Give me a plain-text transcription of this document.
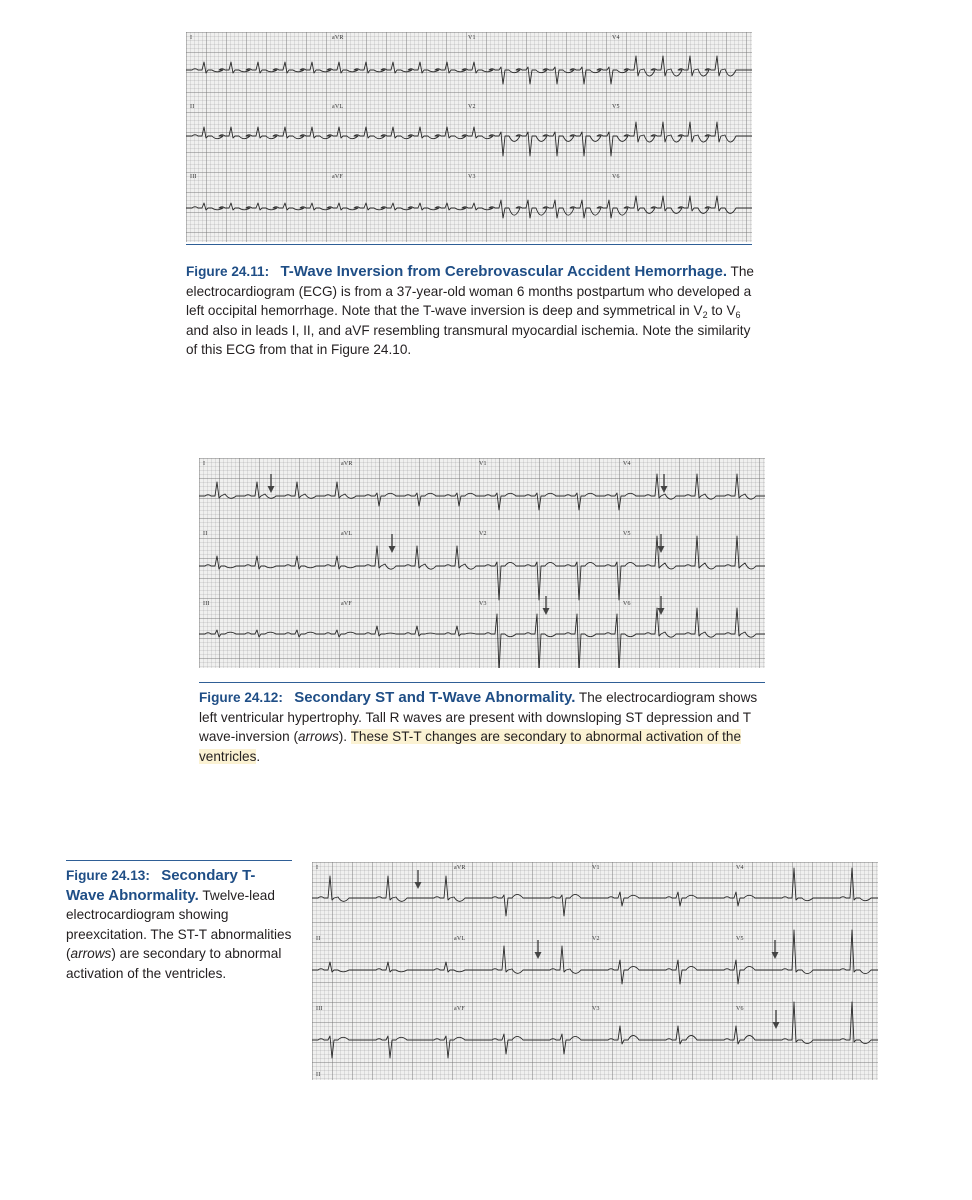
I	aVR	V1	V4
II	aVL	V2	V5
III	aVF	V3	V6
Figure 24.11: T-Wave Inversion from Cerebrovascular Accident Hemorrhage. The electrocardiogram (ECG) is from a 37-year-old woman 6 months postpartum who developed a left occipital hemorrhage. Note that the T-wave inversion is deep and symmetrical in $V_2$ to $V_6$ and also in leads I, II, and aVF resembling transmural myocardial ischemia. Note the similarity of this ECG from that in Figure 24.10.
I	aVR	V1	V4
II	aVL	V2	V5
III	aVF	V3	V6
Figure 24.12: Secondary ST and T-Wave Abnormality. The electrocardiogram shows left ventricular hypertrophy. Tall R waves are present with downsloping ST depression and T wave-inversion (arrows). These ST-T changes are secondary to abnormal activation of the ventricles.
Figure 24.13: Secondary T-Wave Abnormality. Twelve-lead electrocardiogram showing preexcitation. The ST-T abnormalities (arrows) are secondary to abnormal activation of the ventricles.
I	aVR	V1	V4
II	aVL	V2	V5
III	aVF	V3	V6
II
